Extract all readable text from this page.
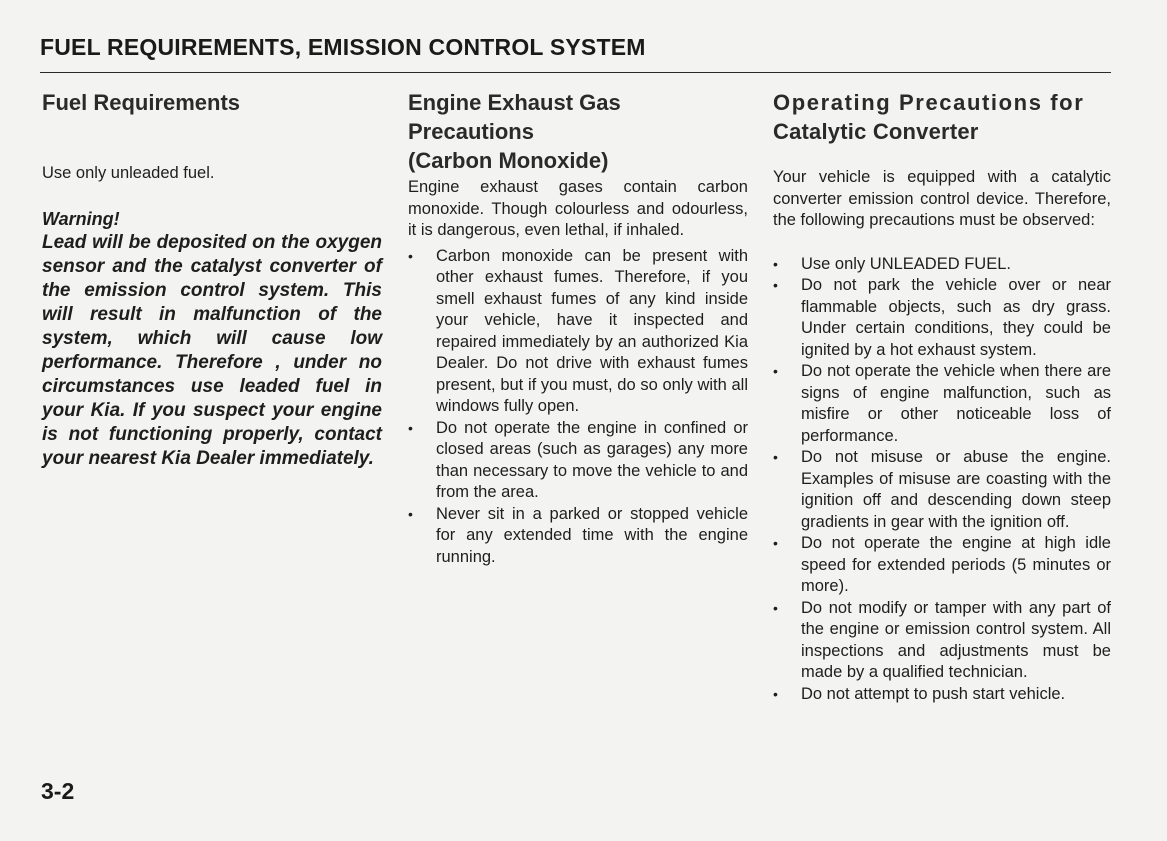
FUEL REQUIREMENTS, EMISSION CONTROL SYSTEM
Fuel Requirements

Use only unleaded fuel.

Warning!
Lead will be deposited on the oxygen sensor and the catalyst converter of the emission control system. This will result in malfunction of the system, which will cause low performance. Therefore , under no circumstances use leaded fuel in your Kia. If you suspect your engine is not functioning properly, contact your nearest Kia Dealer immediately.
Engine Exhaust Gas
Precautions
(Carbon Monoxide)

Engine exhaust gases contain carbon monoxide. Though colourless and odourless, it is dangerous, even lethal, if inhaled.

•	Carbon monoxide can be present with other exhaust fumes. Therefore, if you smell exhaust fumes of any kind inside your vehicle, have it inspected and repaired immediately by an authorized Kia Dealer. Do not drive with exhaust fumes present, but if you must, do so only with all windows fully open.
•	Do not operate the engine in confined or closed areas (such as garages) any more than necessary to move the vehicle to and from the area.
•	Never sit in a parked or stopped vehicle for any extended time with the engine running.
Operating Precautions for
Catalytic Converter

Your vehicle is equipped with a catalytic converter emission control device. Therefore, the following precautions must be observed:

•	Use only UNLEADED FUEL.
•	Do not park the vehicle over or near flammable objects, such as dry grass. Under certain conditions, they could be ignited by a hot exhaust system.
•	Do not operate the vehicle when there are signs of engine malfunction, such as misfire or other noticeable loss of performance.
•	Do not misuse or abuse the engine. Examples of misuse are coasting with the ignition off and descending down steep gradients in gear with the ignition off.
•	Do not operate the engine at high idle speed for extended periods (5 minutes or more).
•	Do not modify or tamper with any part of the engine or emission control system. All inspections and adjustments must be made by a qualified technician.
•	Do not attempt to push start vehicle.
3-2
